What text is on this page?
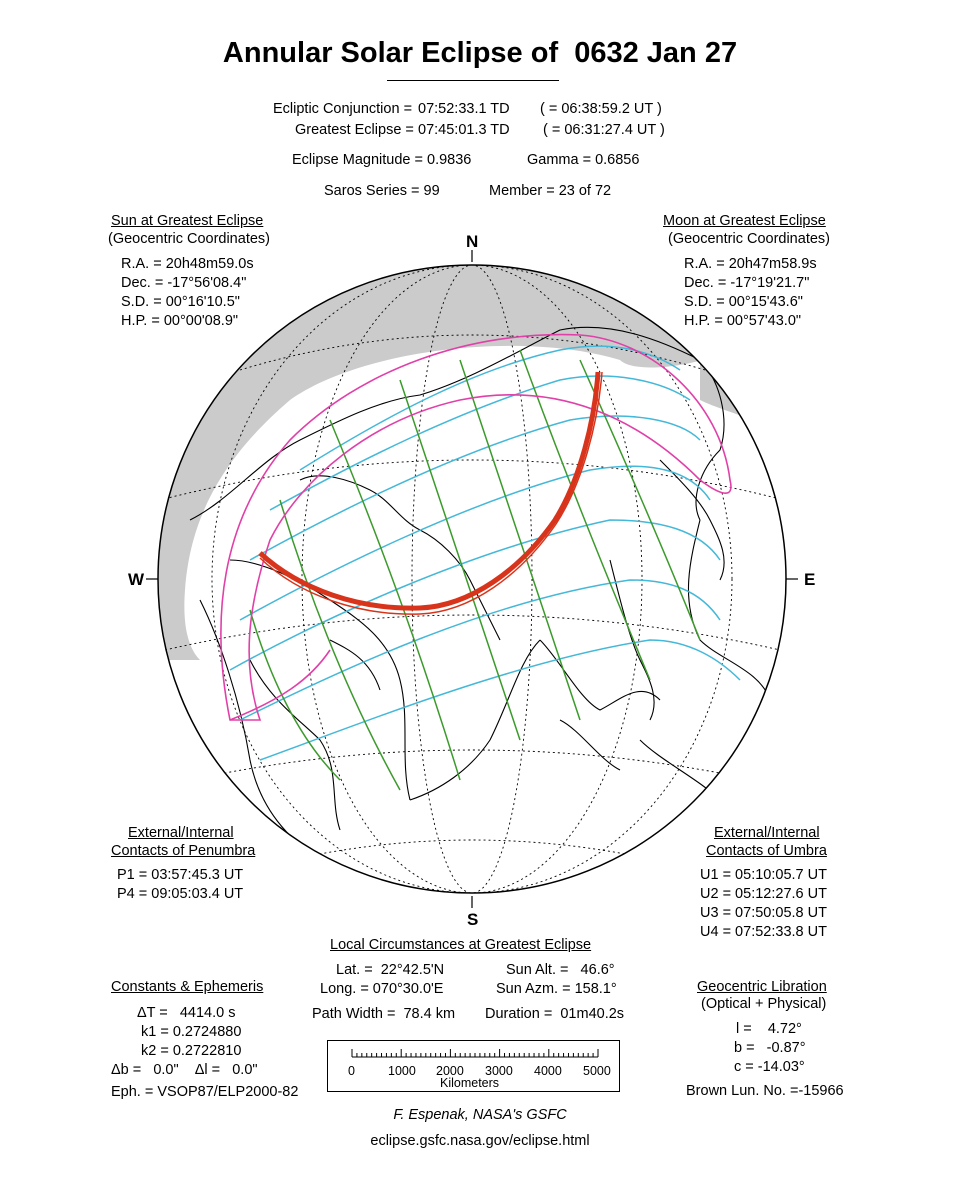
Annular Solar Eclipse of  0632 Jan 27
Ecliptic Conjunction = 07:52:33.1 TD ( = 06:38:59.2 UT )
Greatest Eclipse = 07:45:01.3 TD ( = 06:31:27.4 UT )
Eclipse Magnitude = 0.9836	Gamma = 0.6856
Saros Series = 99	Member = 23 of 72
Sun at Greatest Eclipse
(Geocentric Coordinates)
R.A. = 20h48m59.0s
Dec. = -17°56'08.4"
S.D. = 00°16'10.5"
H.P. = 00°00'08.9"
Moon at Greatest Eclipse
(Geocentric Coordinates)
R.A. = 20h47m58.9s
Dec. = -17°19'21.7"
S.D. = 00°15'43.6"
H.P. = 00°57'43.0"
N
S
W	E
External/Internal
Contacts of Penumbra
P1 = 03:57:45.3 UT
P4 = 09:05:03.4 UT
External/Internal
Contacts of Umbra
U1 = 05:10:05.7 UT
U2 = 05:12:27.6 UT
U3 = 07:50:05.8 UT
U4 = 07:52:33.8 UT
Local Circumstances at Greatest Eclipse
Lat. =  22°42.5'N
Long. = 070°30.0'E
Sun Alt. =   46.6°
Sun Azm. = 158.1°
Path Width =  78.4 km Duration =  01m40.2s
Constants & Ephemeris
ΔT =   4414.0 s
k1 = 0.2724880
k2 = 0.2722810
Δb =   0.0"    Δl =   0.0"
Eph. = VSOP87/ELP2000-82
Geocentric Libration
(Optical + Physical)
l =    4.72°
b =   -0.87°
c = -14.03°
Brown Lun. No. =-15966
0	1000 2000 3000 4000 5000
Kilometers
F. Espenak, NASA's GSFC
eclipse.gsfc.nasa.gov/eclipse.html
